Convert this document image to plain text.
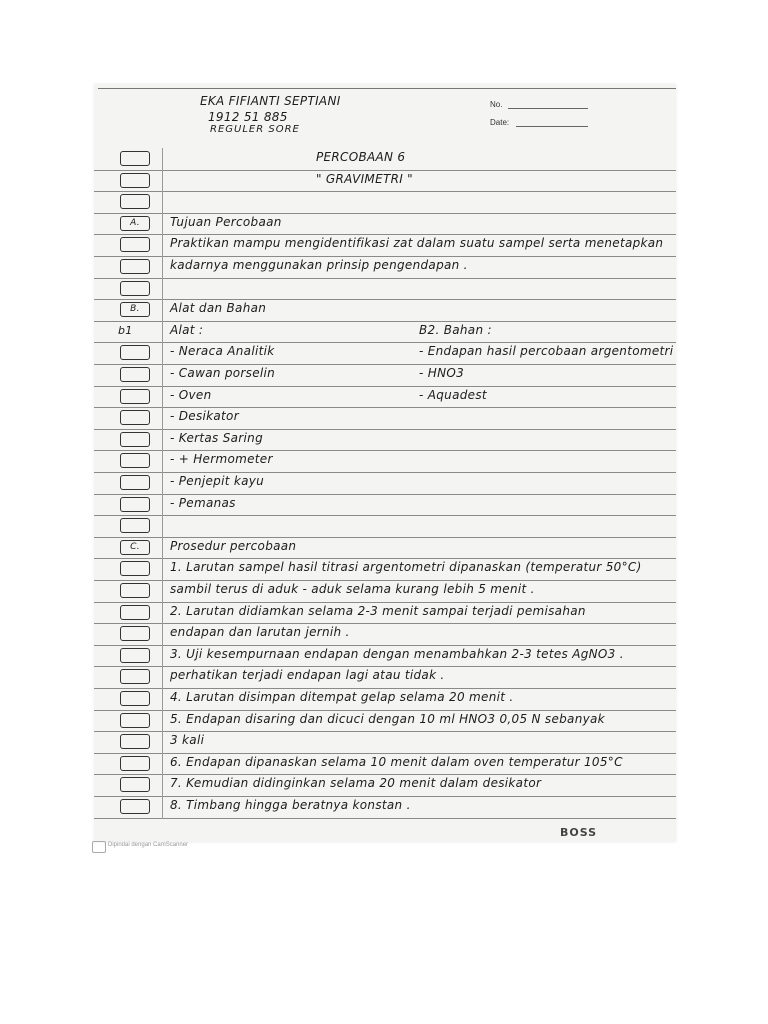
EKA FIFIANTI SEPTIANI
1912 51 885
REGULER SORE
No.
Date:
PERCOBAAN 6
" GRAVIMETRI "
A.	Tujuan Percobaan
Praktikan mampu mengidentifikasi zat dalam suatu sampel serta menetapkan
kadarnya menggunakan prinsip pengendapan .
B.	Alat dan Bahan
b1	Alat :	B2. Bahan :
- Neraca Analitik	- Endapan hasil percobaan argentometri
- Cawan porselin	- HNO3
- Oven	- Aquadest
- Desikator
- Kertas Saring
- + Hermometer
- Penjepit kayu
- Pemanas
C.	Prosedur percobaan
1. Larutan sampel hasil titrasi argentometri dipanaskan (temperatur 50°C)
sambil terus di aduk - aduk selama kurang lebih 5 menit .
2. Larutan didiamkan selama 2-3 menit sampai terjadi pemisahan
endapan dan larutan jernih .
3. Uji kesempurnaan endapan dengan menambahkan 2-3 tetes AgNO3 .
perhatikan terjadi endapan lagi atau tidak .
4. Larutan disimpan ditempat gelap selama 20 menit .
5. Endapan disaring dan dicuci dengan 10 ml HNO3 0,05 N sebanyak
3 kali
6. Endapan dipanaskan selama 10 menit dalam oven temperatur 105°C
7. Kemudian didinginkan selama 20 menit dalam desikator
8. Timbang hingga beratnya konstan .
Dipindai dengan CamScanner
BOSS
